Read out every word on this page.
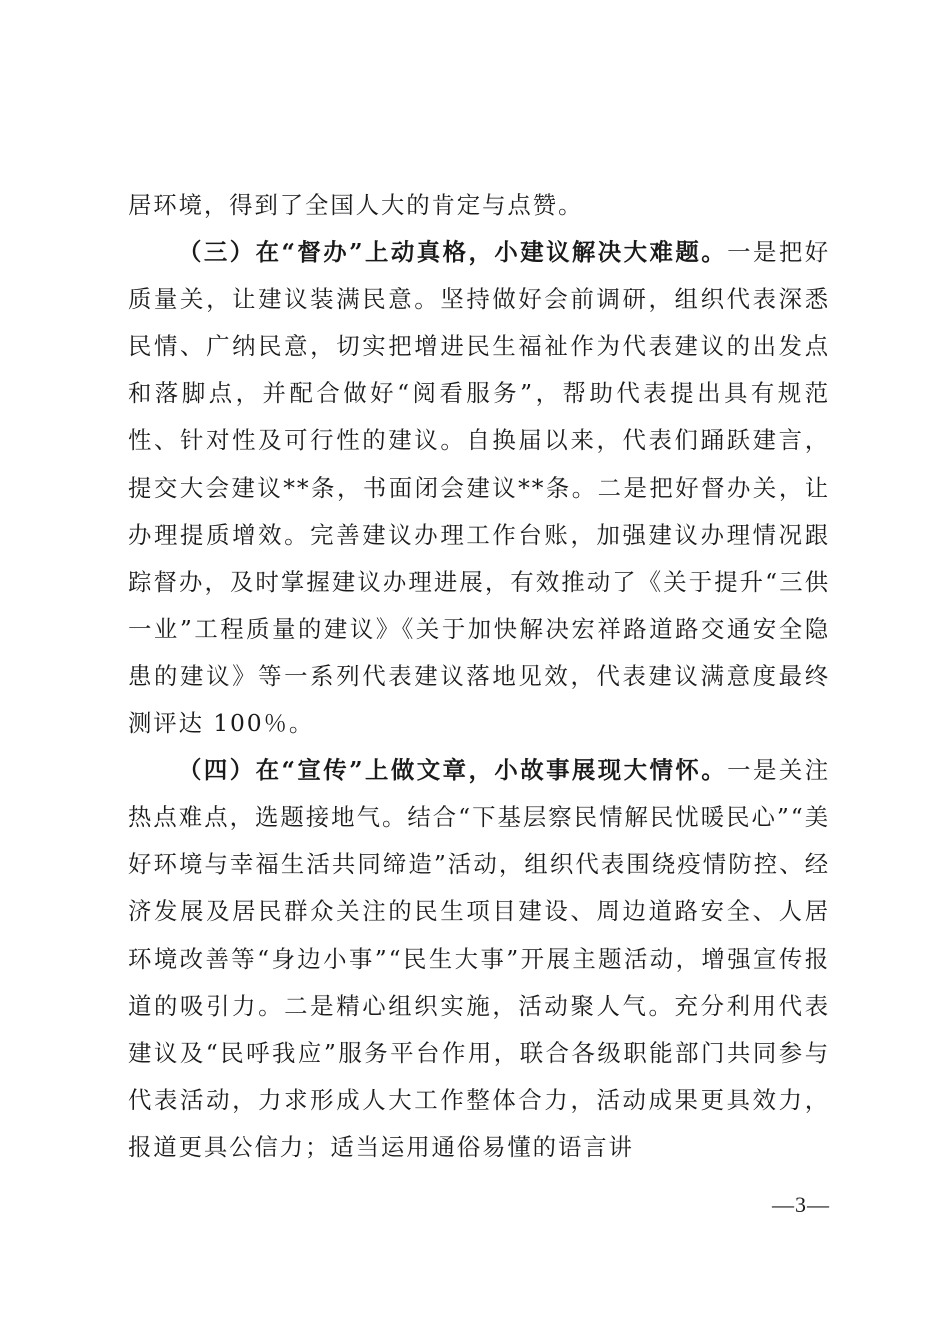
居环境，得到了全国人大的肯定与点赞。

（三）在“督办”上动真格，小建议解决大难题。一是把好质量关，让建议装满民意。坚持做好会前调研，组织代表深悉民情、广纳民意，切实把增进民生福祉作为代表建议的出发点和落脚点，并配合做好“阅看服务”，帮助代表提出具有规范性、针对性及可行性的建议。自换届以来，代表们踊跃建言，提交大会建议**条，书面闭会建议**条。二是把好督办关，让办理提质增效。完善建议办理工作台账，加强建议办理情况跟踪督办，及时掌握建议办理进展，有效推动了《关于提升“三供一业”工程质量的建议》《关于加快解决宏祥路道路交通安全隐患的建议》等一系列代表建议落地见效，代表建议满意度最终测评达 100％。

（四）在“宣传”上做文章，小故事展现大情怀。一是关注热点难点，选题接地气。结合“下基层察民情解民忧暖民心”“美好环境与幸福生活共同缔造”活动，组织代表围绕疫情防控、经济发展及居民群众关注的民生项目建设、周边道路安全、人居环境改善等“身边小事”“民生大事”开展主题活动，增强宣传报道的吸引力。二是精心组织实施，活动聚人气。充分利用代表建议及“民呼我应”服务平台作用，联合各级职能部门共同参与代表活动，力求形成人大工作整体合力，活动成果更具效力，报道更具公信力；适当运用通俗易懂的语言讲

—3—
